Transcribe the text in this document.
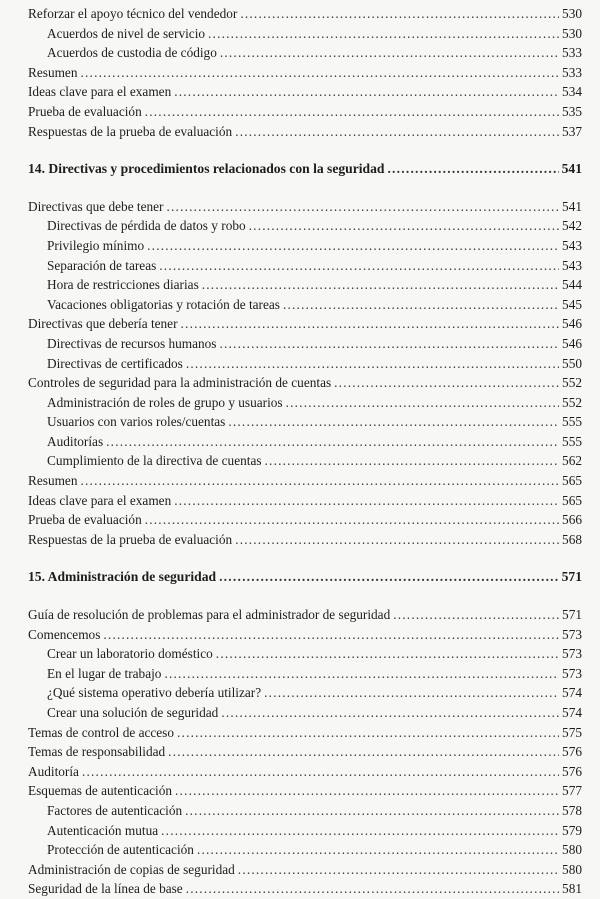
Reforzar el apoyo técnico del vendedor .....	530
Acuerdos de nivel de servicio .....	530
Acuerdos de custodia de código .....	533
Resumen .....	533
Ideas clave para el examen .....	534
Prueba de evaluación .....	535
Respuestas de la prueba de evaluación .....	537
14. Directivas y procedimientos relacionados con la seguridad .....	541
Directivas que debe tener .....	541
Directivas de pérdida de datos y robo .....	542
Privilegio mínimo .....	543
Separación de tareas .....	543
Hora de restricciones diarias .....	544
Vacaciones obligatorias y rotación de tareas .....	545
Directivas que debería tener .....	546
Directivas de recursos humanos .....	546
Directivas de certificados .....	550
Controles de seguridad para la administración de cuentas .....	552
Administración de roles de grupo y usuarios .....	552
Usuarios con varios roles/cuentas .....	555
Auditorías .....	555
Cumplimiento de la directiva de cuentas .....	562
Resumen .....	565
Ideas clave para el examen .....	565
Prueba de evaluación .....	566
Respuestas de la prueba de evaluación .....	568
15. Administración de seguridad .....	571
Guía de resolución de problemas para el administrador de seguridad .....	571
Comencemos .....	573
Crear un laboratorio doméstico .....	573
En el lugar de trabajo .....	573
¿Qué sistema operativo debería utilizar? .....	574
Crear una solución de seguridad .....	574
Temas de control de acceso .....	575
Temas de responsabilidad .....	576
Auditoría .....	576
Esquemas de autenticación .....	577
Factores de autenticación .....	578
Autenticación mutua .....	579
Protección de autenticación .....	580
Administración de copias de seguridad .....	580
Seguridad de la línea de base .....	581
